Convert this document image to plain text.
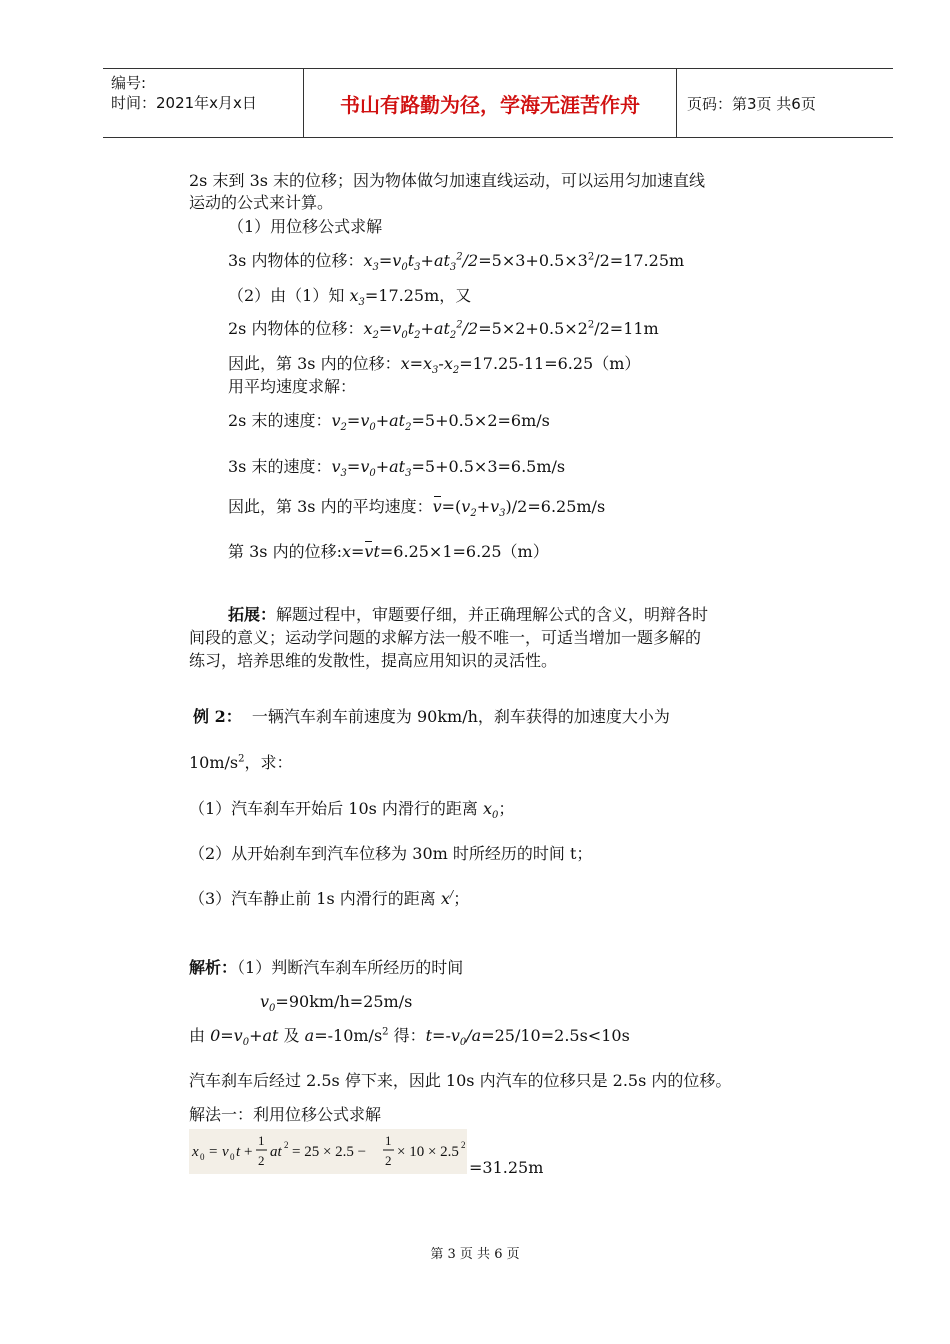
编号:
时间：2021年x月x日	书山有路勤为径，学海无涯苦作舟	页码：第3页 共6页
2s 末到 3s 末的位移；因为物体做匀加速直线运动，可以运用匀加速直线
运动的公式来计算。
（1）用位移公式求解
3s 内物体的位移：$x_3=v_0t_3+at_3^2/2=5\times 3+0.5\times 3^2/2=17.25m$
（2）由（1）知 $x_3=17.25m$，又
2s 内物体的位移：$x_2=v_0t_2+at_2^2/2=5\times 2+0.5\times 2^2/2=11m$
因此，第 3s 内的位移：$x=x_3-x_2=17.25-11=6.25(m)$
用平均速度求解：
2s 末的速度：$v_2=v_0+at_2=5+0.5\times 2=6m/s$
3s 末的速度：$v_3=v_0+at_3=5+0.5\times 3=6.5m/s$
因此，第 3s 内的平均速度：$v=(v_2+v_3)/2=6.25m/s$
第 3s 内的位移:x=vt=6.25×1=6.25（m）
拓展：解题过程中，审题要仔细，并正确理解公式的含义，明辩各时
间段的意义；运动学问题的求解方法一般不唯一，可适当增加一题多解的
练习，培养思维的发散性，提高应用知识的灵活性。
例 2： 一辆汽车刹车前速度为 90km/h，刹车获得的加速度大小为
$10m/s^2$，求：
（1）汽车刹车开始后 10s 内滑行的距离 $x_0$；
（2）从开始刹车到汽车位移为 30m 时所经历的时间 t；
（3）汽车静止前 1s 内滑行的距离 x/；
解析：（1）判断汽车刹车所经历的时间
$v_0=90km/h=25m/s$
由 $0=v_0+at$ 及 $a=-10m/s^2$ 得：$t=-v_0/a=25/10=2.5s<10s$
汽车刹车后经过 2.5s 停下来，因此 10s 内汽车的位移只是 2.5s 内的位移。
解法一：利用位移公式求解
x 0 = v 0 t +
1
2
at 2 = 25 × 2.5 −
1
2
× 10 × 2.5 2
=31.25m
第 3 页 共 6 页
